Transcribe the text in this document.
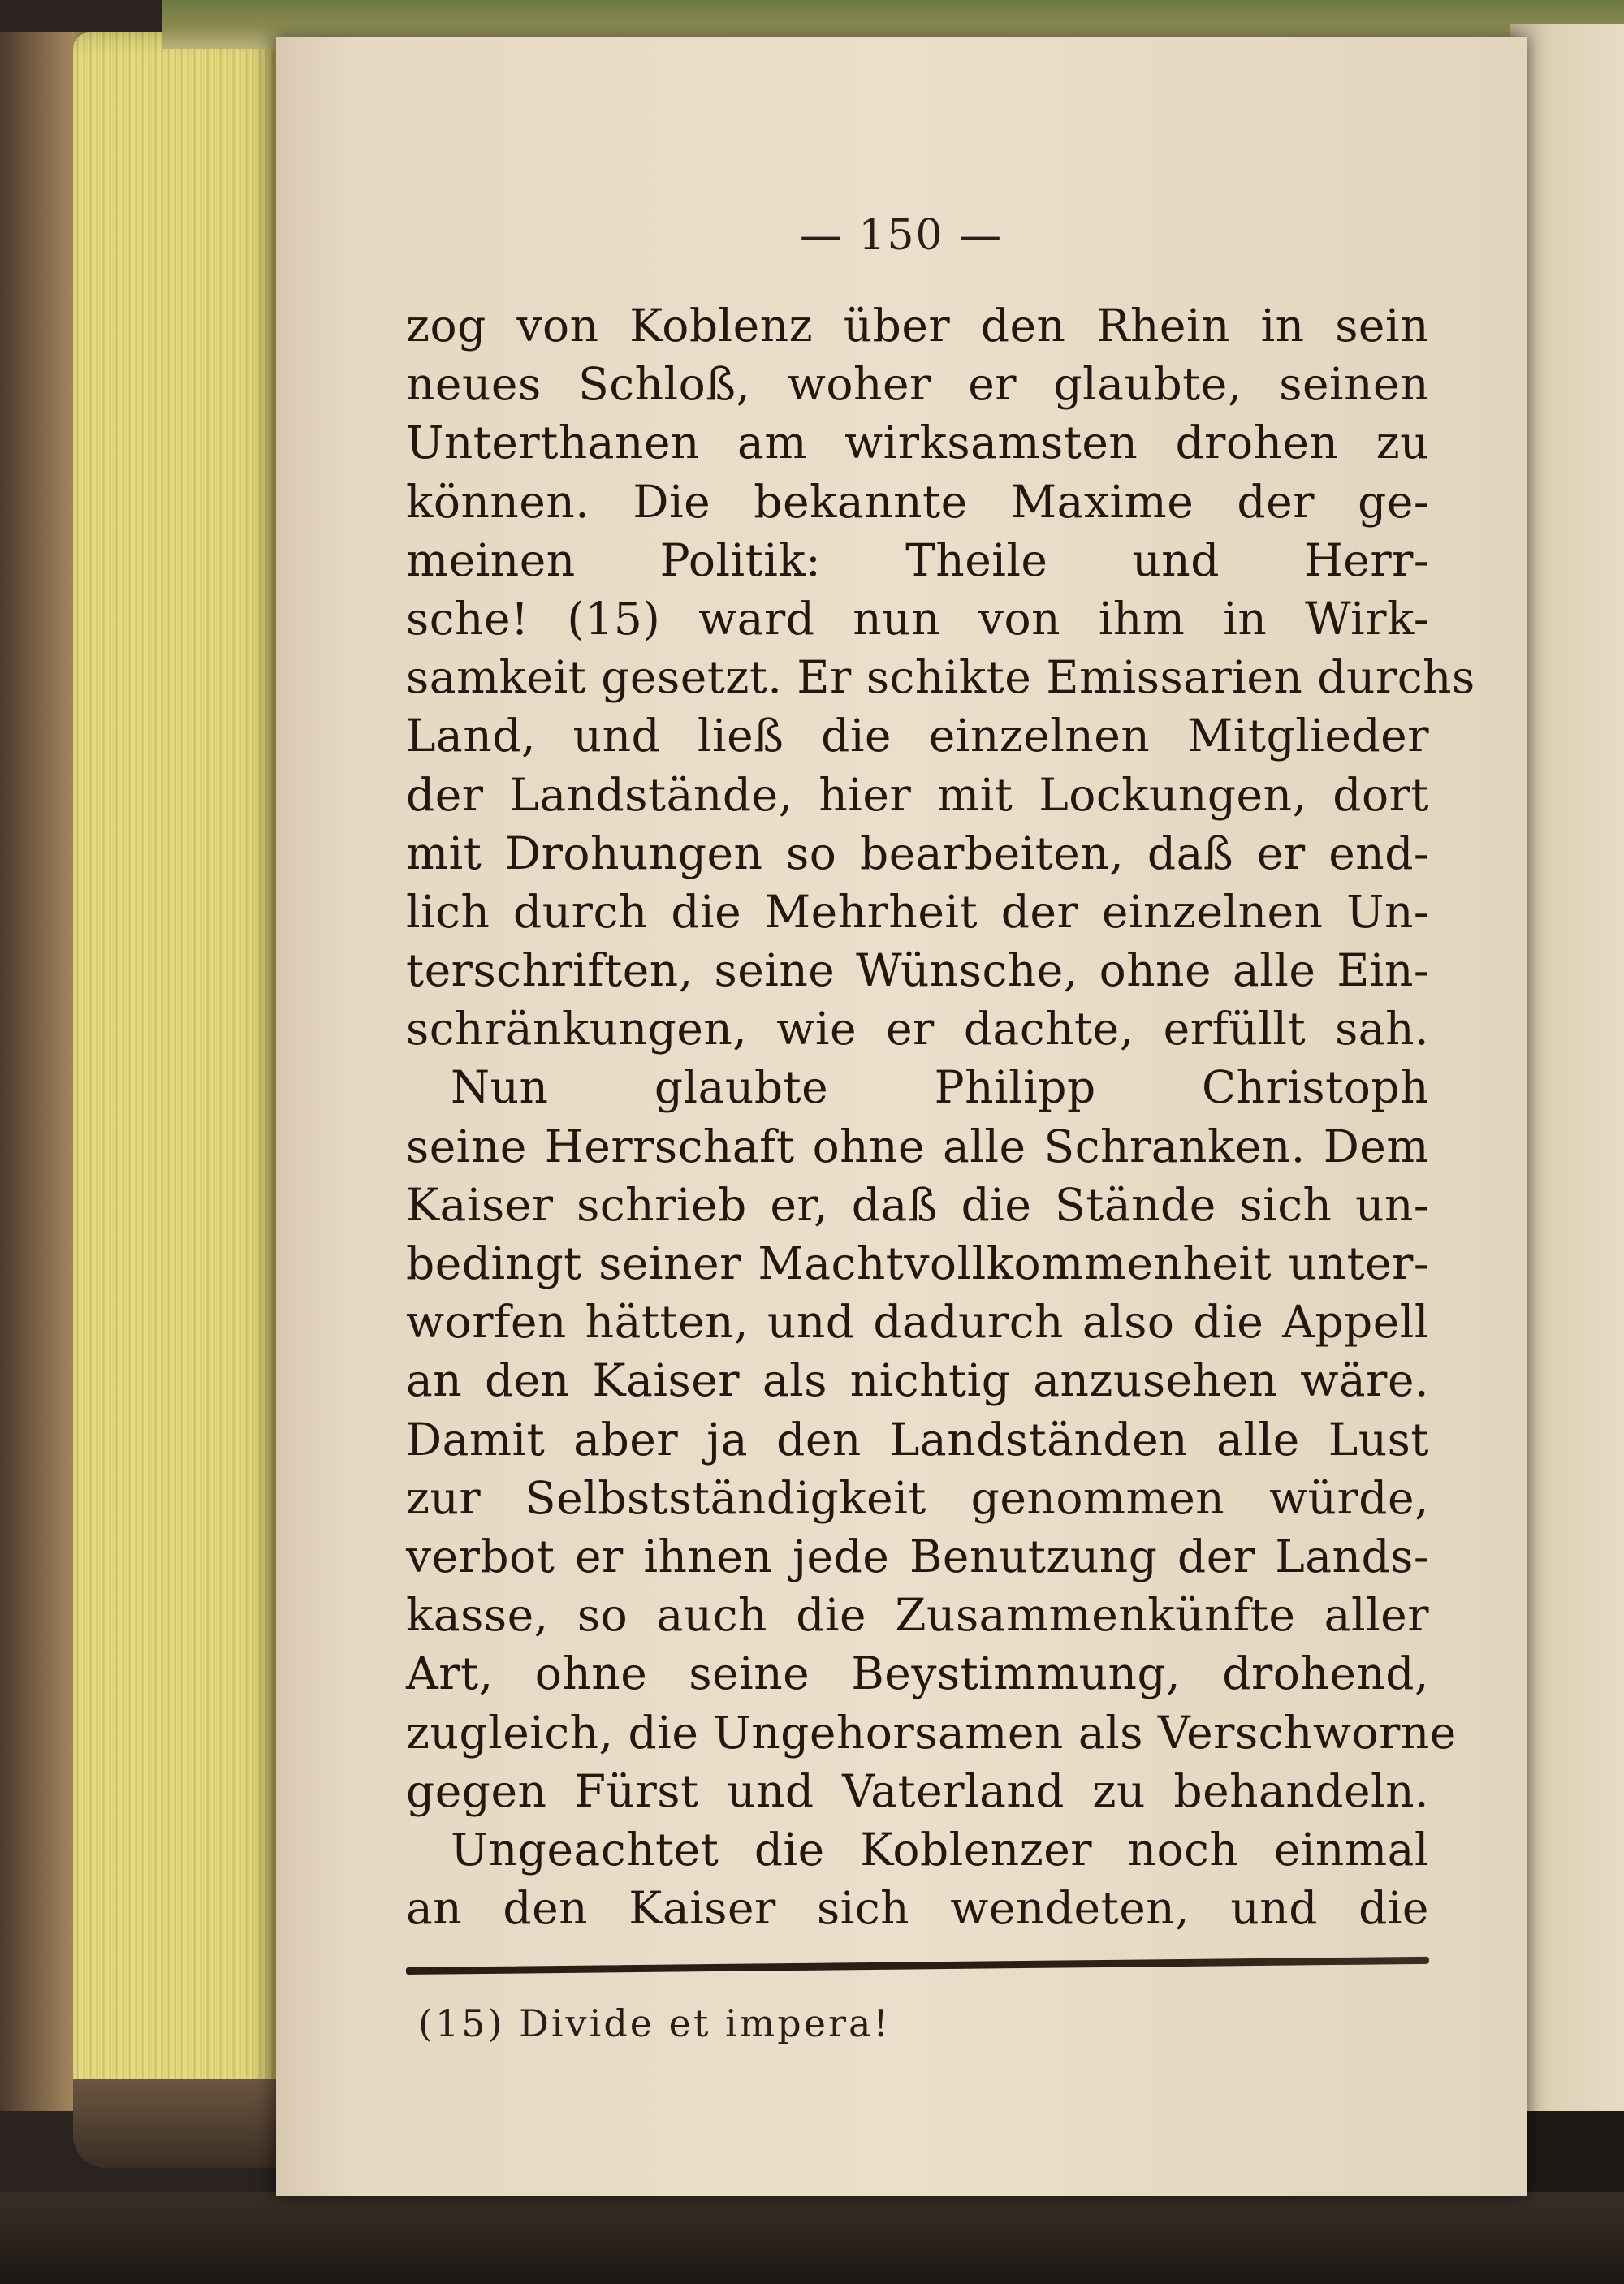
— 150 —
zog von Koblenz über den Rhein in sein
neues Schloß, woher er glaubte, seinen
Unterthanen am wirksamsten drohen zu
können. Die bekannte Maxime der ge-
meinen Politik: Theile und Herr-
sche! (15) ward nun von ihm in Wirk-
samkeit gesetzt. Er schikte Emissarien durchs
Land, und ließ die einzelnen Mitglieder
der Landstände, hier mit Lockungen, dort
mit Drohungen so bearbeiten, daß er end-
lich durch die Mehrheit der einzelnen Un-
terschriften, seine Wünsche, ohne alle Ein-
schränkungen, wie er dachte, erfüllt sah.
Nun glaubte Philipp Christoph
seine Herrschaft ohne alle Schranken. Dem
Kaiser schrieb er, daß die Stände sich un-
bedingt seiner Machtvollkommenheit unter-
worfen hätten, und dadurch also die Appell
an den Kaiser als nichtig anzusehen wäre.
Damit aber ja den Landständen alle Lust
zur Selbstständigkeit genommen würde,
verbot er ihnen jede Benutzung der Lands-
kasse, so auch die Zusammenkünfte aller
Art, ohne seine Beystimmung, drohend,
zugleich, die Ungehorsamen als Verschworne
gegen Fürst und Vaterland zu behandeln.
Ungeachtet die Koblenzer noch einmal
an den Kaiser sich wendeten, und die
(15) Divide et impera!
